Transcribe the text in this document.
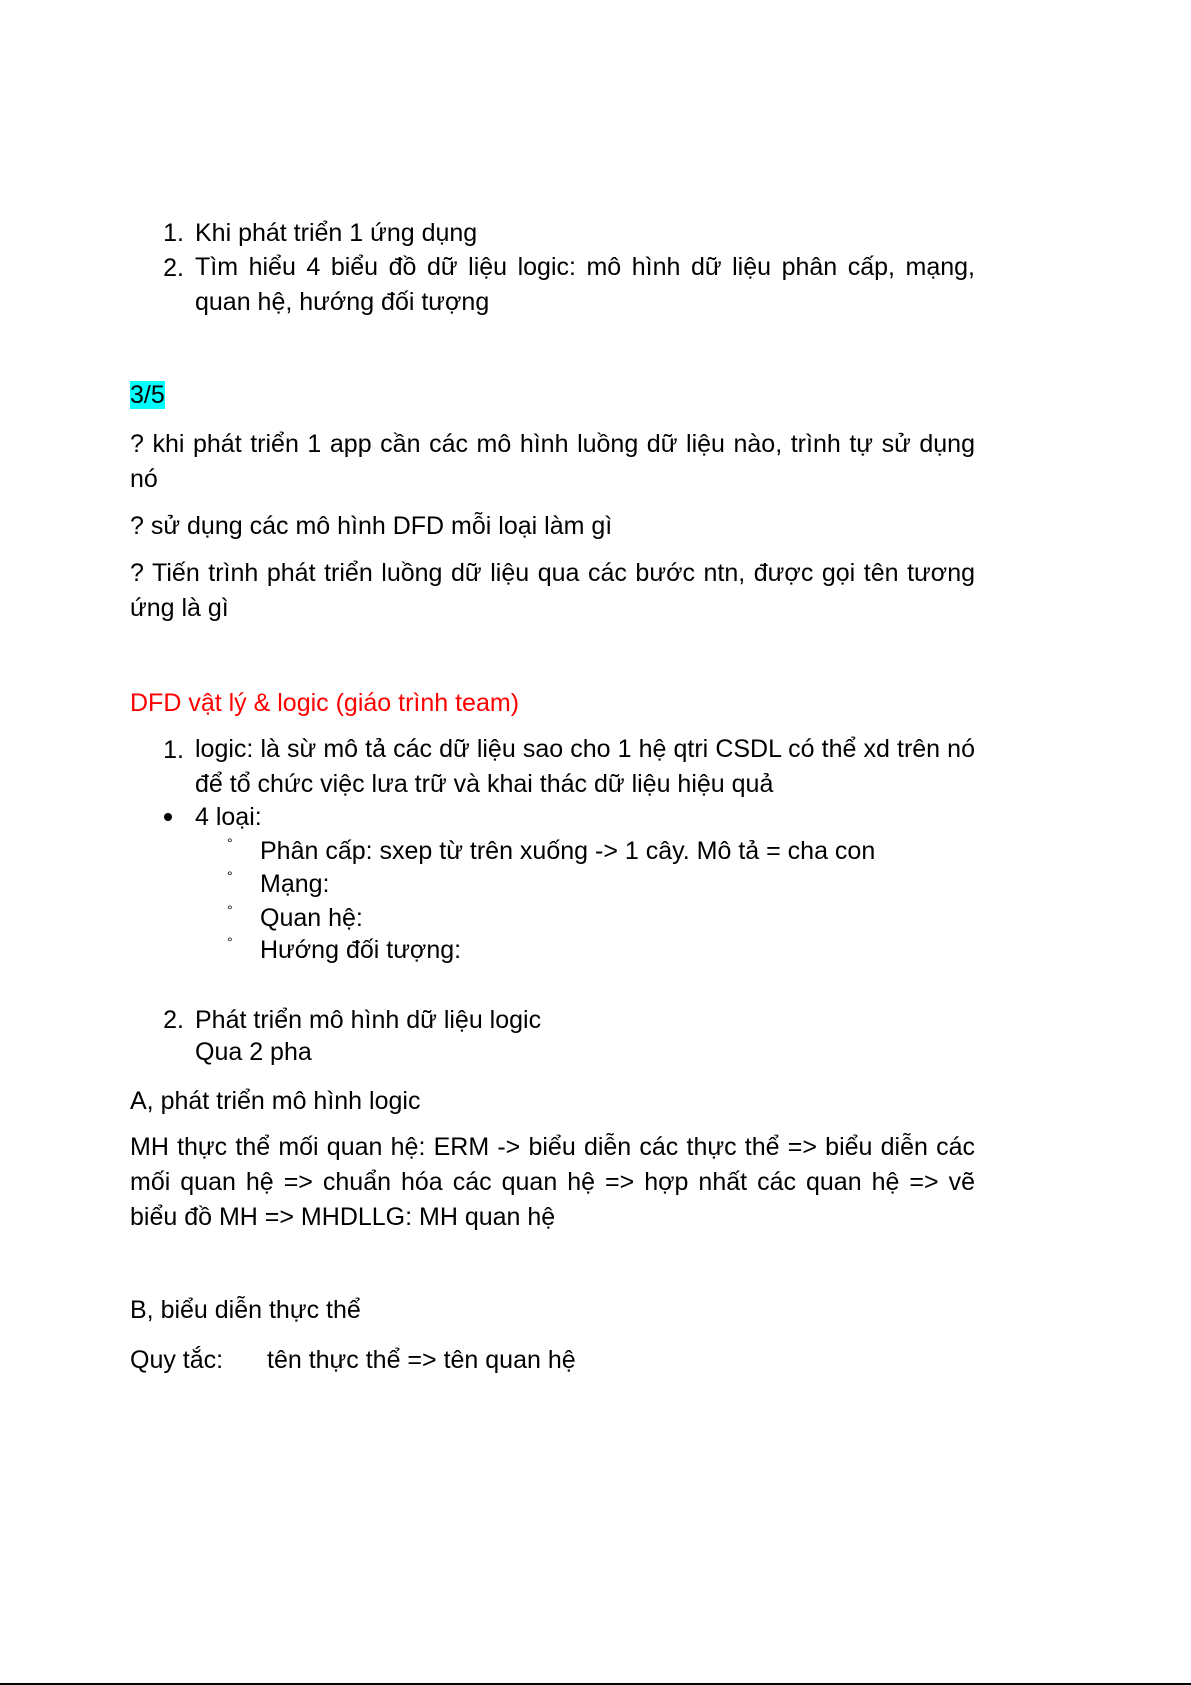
1. Khi phát triển 1 ứng dụng
2. Tìm hiểu 4 biểu đồ dữ liệu logic: mô hình dữ liệu phân cấp, mạng,
quan hệ, hướng đối tượng
3/5
? khi phát triển 1 app cần các mô hình luồng dữ liệu nào, trình tự sử dụng nó
? sử dụng các mô hình DFD mỗi loại làm gì
? Tiến trình phát triển luồng dữ liệu qua các bước ntn, được gọi tên tương ứng là gì
DFD vật lý & logic (giáo trình team)
1. logic: là sừ mô tả các dữ liệu sao cho 1 hệ qtri CSDL có thể xd trên nó để tổ chức việc lưa trữ và khai thác dữ liệu hiệu quả
4 loại:
° Phân cấp: sxep từ trên xuống -> 1 cây. Mô tả = cha con
° Mạng:
° Quan hệ:
° Hướng đối tượng:
2. Phát triển mô hình dữ liệu logic
Qua 2 pha
A, phát triển mô hình logic
MH thực thể mối quan hệ: ERM -> biểu diễn các thực thể => biểu diễn các mối quan hệ => chuẩn hóa các quan hệ => hợp nhất các quan hệ => vẽ biểu đồ MH => MHDLLG: MH quan hệ
B, biểu diễn thực thể
Quy tắc: tên thực thể => tên quan hệ
